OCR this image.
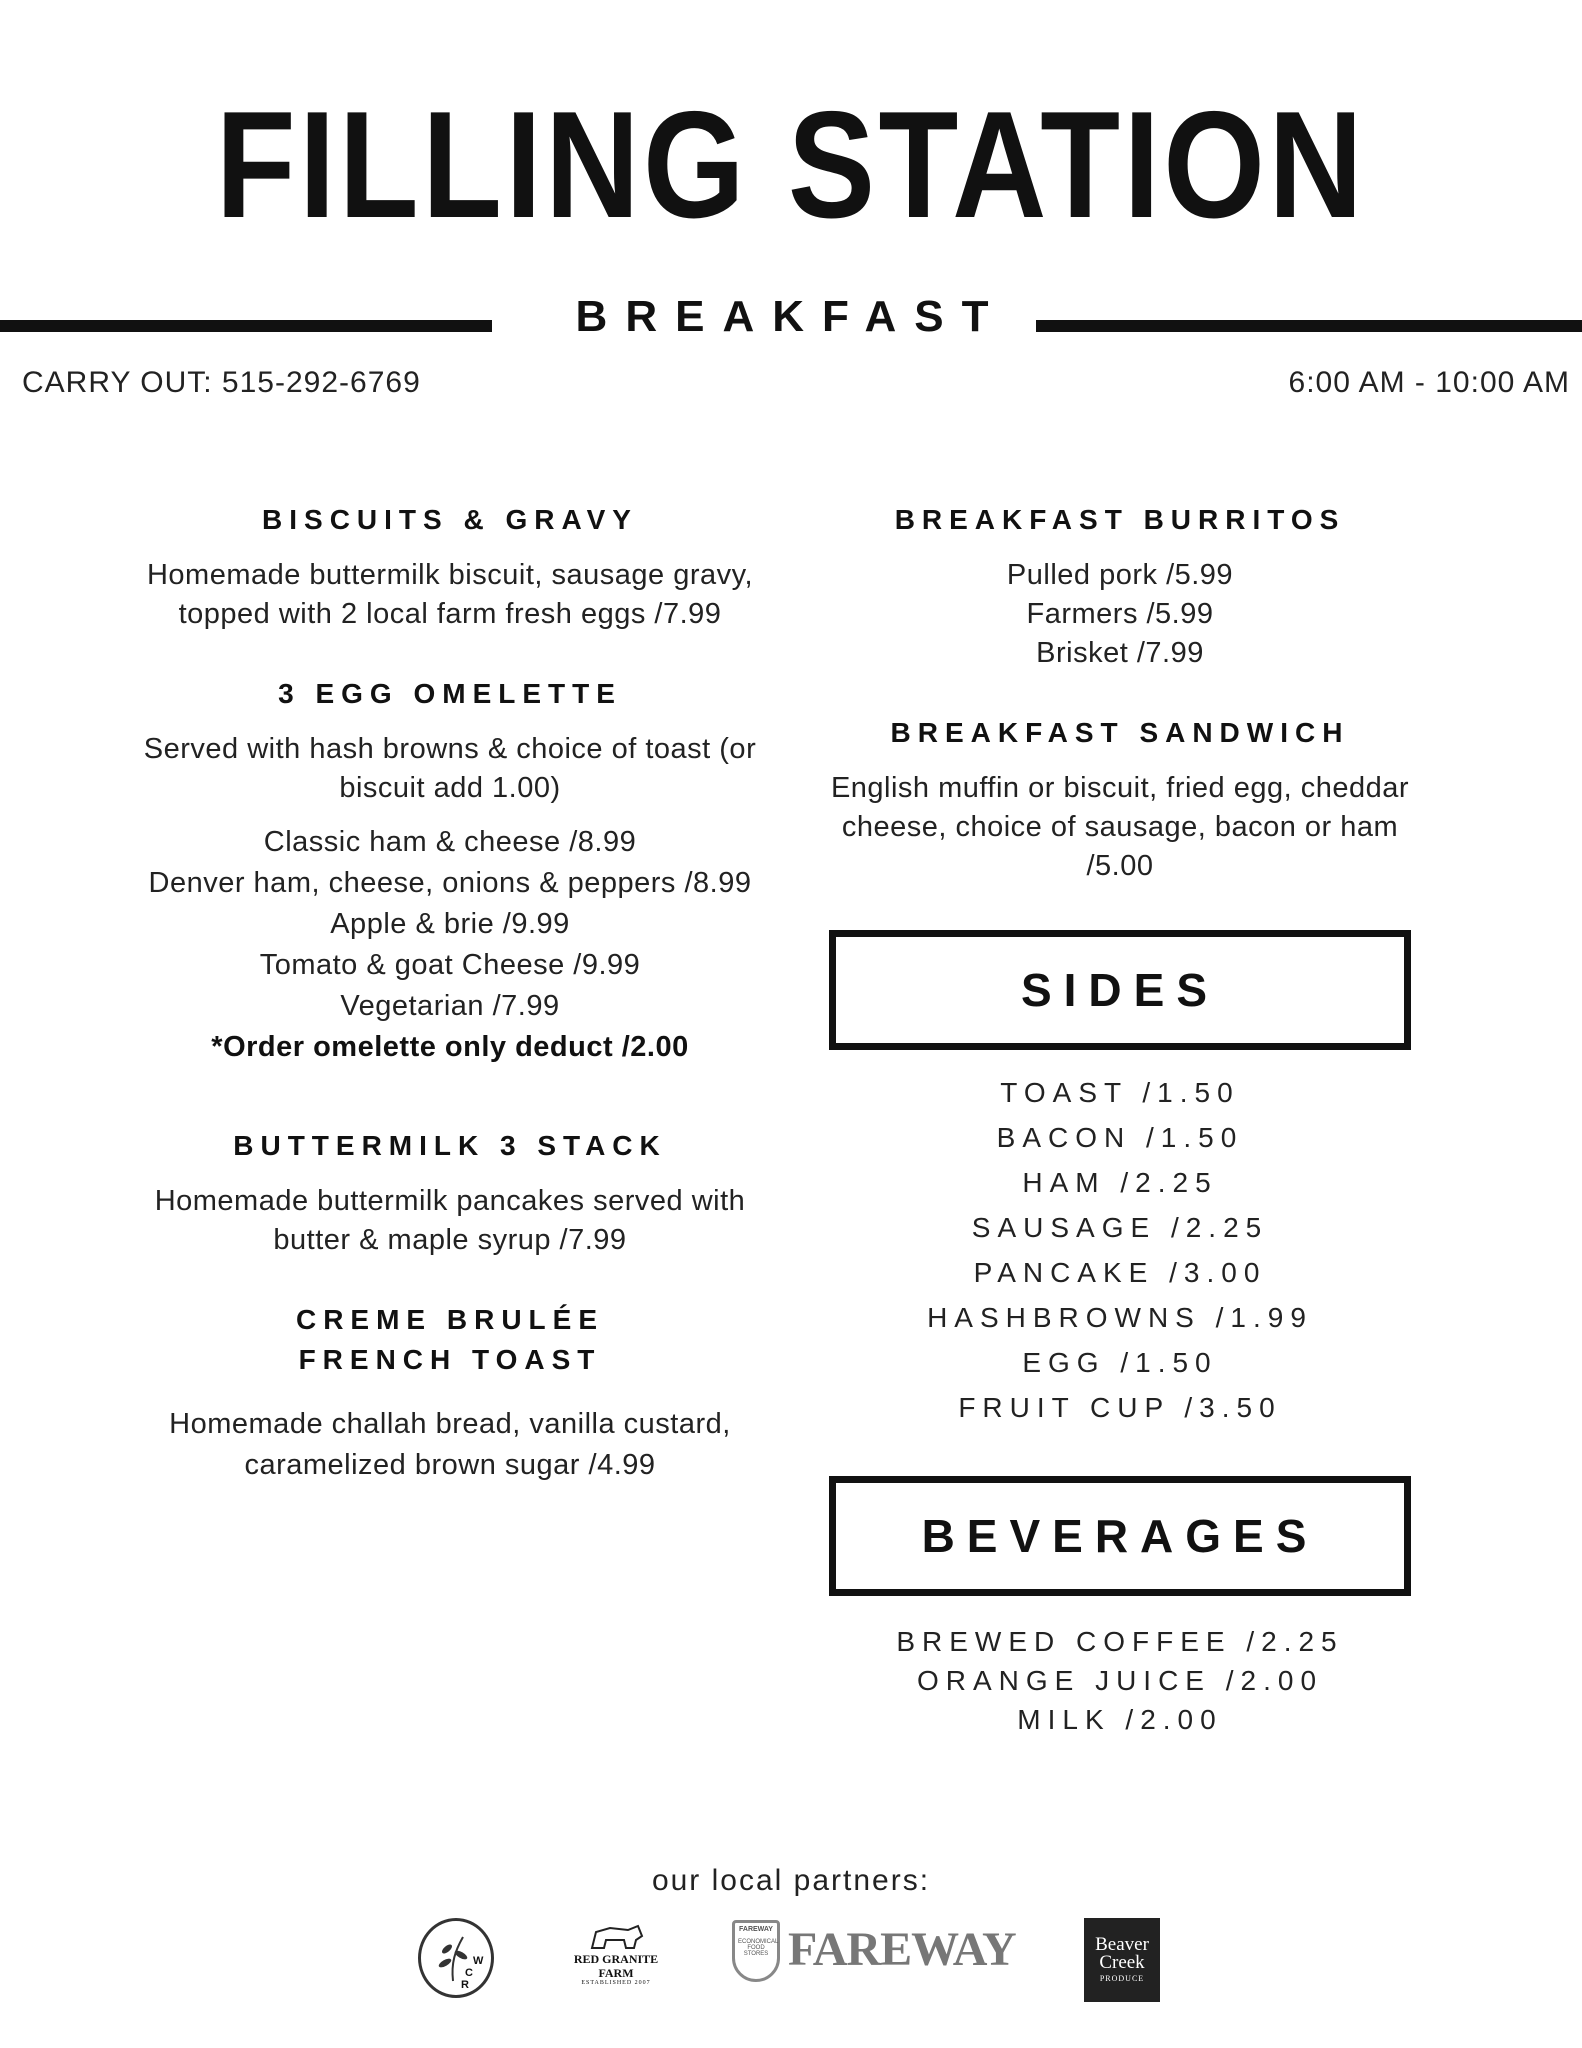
FILLING STATION
BREAKFAST
CARRY OUT: 515-292-6769	6:00 AM - 10:00 AM

BISCUITS & GRAVY

Homemade buttermilk biscuit, sausage gravy, topped with 2 local farm fresh eggs /7.99

3 EGG OMELETTE

Served with hash browns & choice of toast (or biscuit add 1.00)

Classic ham & cheese /8.99
Denver ham, cheese, onions & peppers /8.99
Apple & brie /9.99
Tomato & goat Cheese /9.99
Vegetarian /7.99
*Order omelette only deduct /2.00

BUTTERMILK 3 STACK

Homemade buttermilk pancakes served with butter & maple syrup /7.99

CREME BRULÉE

FRENCH TOAST

Homemade challah bread, vanilla custard, caramelized brown sugar /4.99

BREAKFAST BURRITOS

Pulled pork /5.99
Farmers /5.99
Brisket /7.99

BREAKFAST SANDWICH

English muffin or biscuit, fried egg, cheddar cheese, choice of sausage, bacon or ham /5.00

SIDES
TOAST /1.50
BACON /1.50
HAM /2.25
SAUSAGE /2.25
PANCAKE /3.00
HASHBROWNS /1.99
EGG /1.50
FRUIT CUP /3.50
BEVERAGES
BREWED COFFEE /2.25
ORANGE JUICE /2.00
MILK /2.00
our local partners:
W
C
R
RED GRANITE
FARM
ESTABLISHED 2007
FAREWAY
ECONOMICAL FOOD STORES FAREWAY	Beaver
Creek
PRODUCE
